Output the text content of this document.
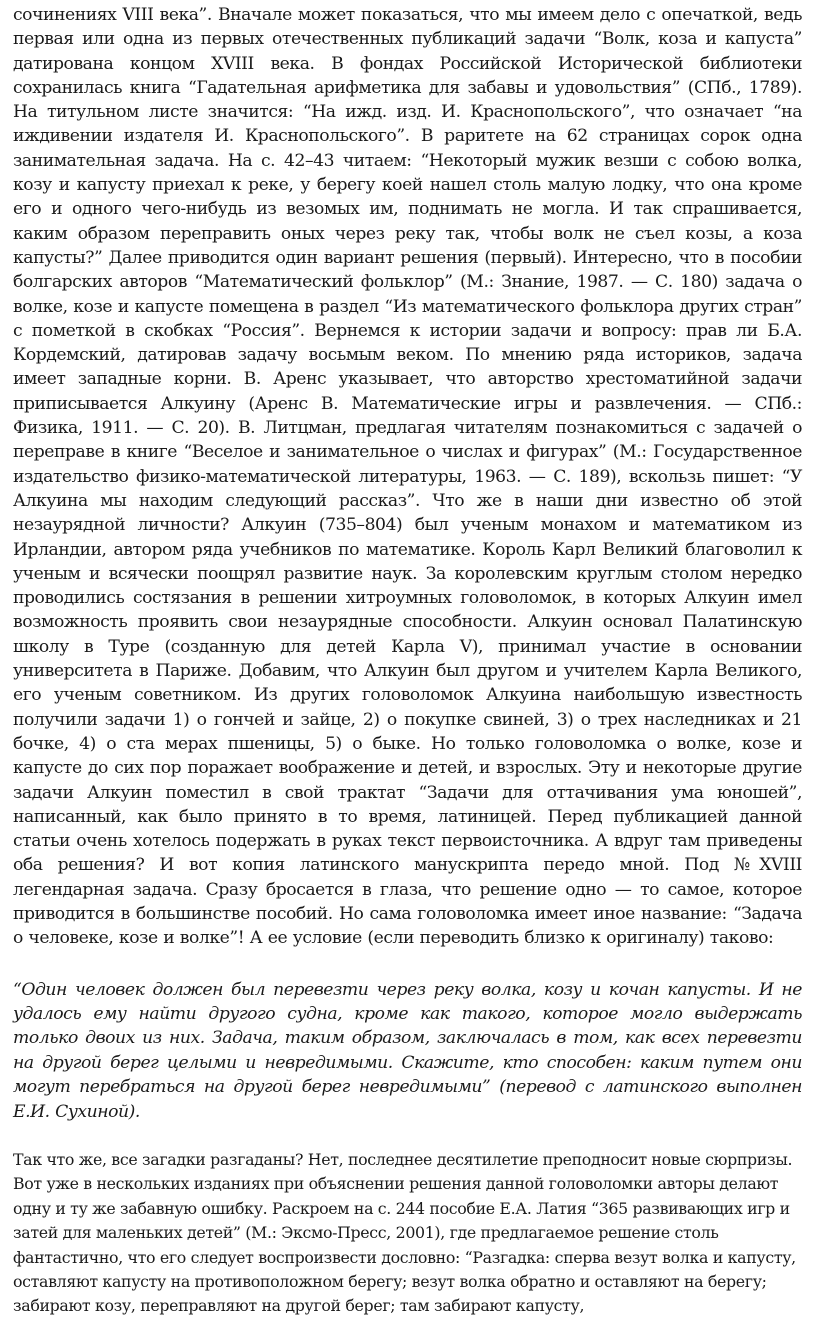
сочинениях VIII века”. Вначале может показаться, что мы имеем дело с опечаткой, ведь первая или одна из первых отечественных публикаций задачи “Волк, коза и капуста” датирована концом XVIII века. В фондах Российской Исторической библиотеки сохранилась книга “Гадательная арифметика для забавы и удовольствия” (СПб., 1789). На титульном листе значится: “На ижд. изд. И. Краснопольского”, что означает “на иждивении издателя И. Краснопольского”. В раритете на 62 страницах сорок одна занимательная задача. На с. 42–43 читаем: “Некоторый мужик везши с собою волка, козу и капусту приехал к реке, у берегу коей нашел столь малую лодку, что она кроме его и одного чего-нибудь из везомых им, поднимать не могла. И так спрашивается, каким образом переправить оных через реку так, чтобы волк не съел козы, а коза капусты?” Далее приводится один вариант решения (первый). Интересно, что в пособии болгарских авторов “Математический фольклор” (М.: Знание, 1987. — С. 180) задача о волке, козе и капусте помещена в раздел “Из математического фольклора других стран” с пометкой в скобках “Россия”. Вернемся к истории задачи и вопросу: прав ли Б.А. Кордемский, датировав задачу восьмым веком. По мнению ряда историков, задача имеет западные корни. В. Аренс указывает, что авторство хрестоматийной задачи приписывается Алкуину (Аренс В. Математические игры и развлечения. — СПб.: Физика, 1911. — С. 20). В. Литцман, предлагая читателям познакомиться с задачей о переправе в книге “Веселое и занимательное о числах и фигурах” (М.: Государственное издательство физико-математической литературы, 1963. — С. 189), вскользь пишет: “У Алкуина мы находим следующий рассказ”. Что же в наши дни известно об этой незаурядной личности? Алкуин (735–804) был ученым монахом и математиком из Ирландии, автором ряда учебников по математике. Король Карл Великий благоволил к ученым и всячески поощрял развитие наук. За королевским круглым столом нередко проводились состязания в решении хитроумных головоломок, в которых Алкуин имел возможность проявить свои незаурядные способности. Алкуин основал Палатинскую школу в Туре (созданную для детей Карла V), принимал участие в основании университета в Париже. Добавим, что Алкуин был другом и учителем Карла Великого, его ученым советником. Из других головоломок Алкуина наибольшую известность получили задачи 1) о гончей и зайце, 2) о покупке свиней, 3) о трех наследниках и 21 бочке, 4) о ста мерах пшеницы, 5) о быке. Но только головоломка о волке, козе и капусте до сих пор поражает воображение и детей, и взрослых. Эту и некоторые другие задачи Алкуин поместил в свой трактат “Задачи для оттачивания ума юношей”, написанный, как было принято в то время, латиницей. Перед публикацией данной статьи очень хотелось подержать в руках текст первоисточника. А вдруг там приведены оба решения? И вот копия латинского манускрипта передо мной. Под №XVIII легендарная задача. Сразу бросается в глаза, что решение одно — то самое, которое приводится в большинстве пособий. Но сама головоломка имеет иное название: “Задача о человеке, козе и волке”! А ее условие (если переводить близко к оригиналу) таково:

“Один человек должен был перевезти через реку волка, козу и кочан капусты. И не удалось ему найти другого судна, кроме как такого, которое могло выдержать только двоих из них. Задача, таким образом, заключалась в том, как всех перевезти на другой берег целыми и невредимыми. Скажите, кто способен: каким путем они могут перебраться на другой берег невредимыми” (перевод с латинского выполнен Е.И. Сухиной).

Так что же, все загадки разгаданы? Нет, последнее десятилетие преподносит новые сюрпризы. Вот уже в нескольких изданиях при объяснении решения данной головоломки авторы делают одну и ту же забавную ошибку. Раскроем на с. 244 пособие Е.А. Латия “365 развивающих игр и затей для маленьких детей” (М.: Эксмо-Пресс, 2001), где предлагаемое решение столь фантастично, что его следует воспроизвести дословно: “Разгадка: сперва везут волка и капусту, оставляют капусту на противоположном берегу; везут волка обратно и оставляют на берегу; забирают козу, переправляют на другой берег; там забирают капусту,
